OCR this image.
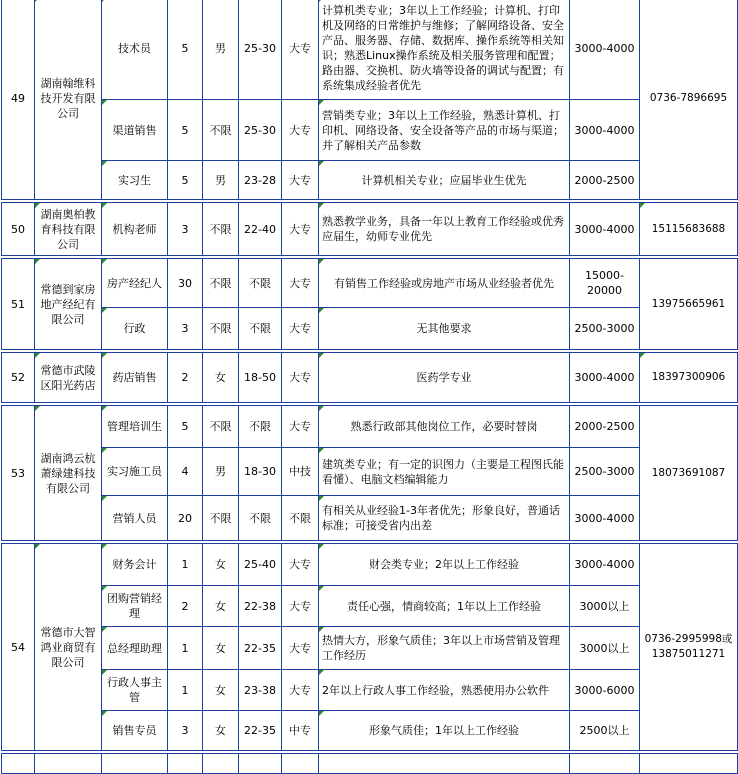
49	湖南翰维科技开发有限公司	技术员	5	男	25-30	大专	计算机类专业；3年以上工作经验；计算机、打印机及网络的日常维护与维修；了解网络设备、安全产品、服务器、存储、数据库、操作系统等相关知识；熟悉Linux操作系统及相关服务管理和配置；路由器、交换机、防火墙等设备的调试与配置；有系统集成经验者优先	3000-4000	0736-7896695
		渠道销售	5	不限	25-30	大专	营销类专业；3年以上工作经验，熟悉计算机、打印机、网络设备、安全设备等产品的市场与渠道；并了解相关产品参数	3000-4000	
		实习生	5	男	23-28	大专	计算机相关专业；应届毕业生优先	2000-2500	

50	湖南奥柏教育科技有限公司	机构老师	3	不限	22-40	大专	熟悉教学业务，具备一年以上教育工作经验或优秀应届生，幼师专业优先	3000-4000	15115683688

51	常德到家房地产经纪有限公司	房产经纪人	30	不限	不限	大专	有销售工作经验或房地产市场从业经验者优先	15000-20000	13975665961
		行政	3	不限	不限	大专	无其他要求	2500-3000	

52	常德市武陵区阳光药店	药店销售	2	女	18-50	大专	医药学专业	3000-4000	18397300906

53	湖南鸿云杭萧绿建科技有限公司	管理培训生	5	不限	不限	大专	熟悉行政部其他岗位工作，必要时替岗	2000-2500	18073691087
		实习施工员	4	男	18-30	中技	建筑类专业；有一定的识图力（主要是工程图氏能看懂）、电脑文档编辑能力	2500-3000	
		营销人员	20	不限	不限	不限	有相关从业经验1-3年者优先；形象良好，普通话标准；可接受省内出差	3000-4000	

54	常德市大智鸿业商贸有限公司	财务会计	1	女	25-40	大专	财会类专业；2年以上工作经验	3000-4000	0736-2995998或13875011271
		团购营销经理	2	女	22-38	大专	责任心强，情商较高；1年以上工作经验	3000以上	
		总经理助理	1	女	22-35	大专	热情大方，形象气质佳；3年以上市场营销及管理工作经历	3000以上	
		行政人事主管	1	女	23-38	大专	2年以上行政人事工作经验，熟悉使用办公软件	3000-6000	
		销售专员	3	女	22-35	中专	形象气质佳；1年以上工作经验	2500以上	
